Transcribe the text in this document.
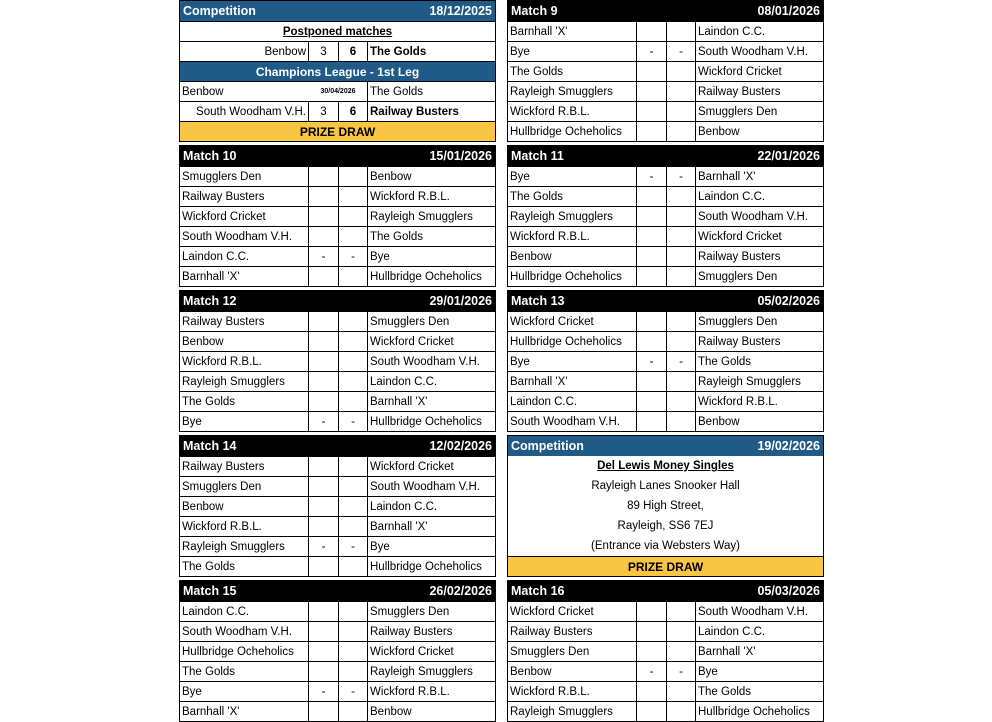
Competition	18/12/2025
Postponed matches
Benbow	3	6	The Golds
Champions League - 1st Leg
Benbow	30/04/2026	The Golds
South Woodham V.H.	3	6	Railway Busters
PRIZE DRAW
Competition	19/02/2026
Del Lewis Money Singles
Rayleigh Lanes Snooker Hall
89 High Street,
Rayleigh, SS6 7EJ
(Entrance via Websters Way)
PRIZE DRAW
Match 9	08/01/2026
Barnhall 'X'	Laindon C.C.
Bye	-	-	South Woodham V.H.
The Golds	Wickford Cricket
Rayleigh Smugglers	Railway Busters
Wickford R.B.L.	Smugglers Den
Hullbridge Ocheholics	Benbow
Match 10	15/01/2026
Smugglers Den	Benbow
Railway Busters	Wickford R.B.L.
Wickford Cricket	Rayleigh Smugglers
South Woodham V.H.	The Golds
Laindon C.C.	-	-	Bye
Barnhall 'X'	Hullbridge Ocheholics
Match 11	22/01/2026
Bye	-	-	Barnhall 'X'
The Golds	Laindon C.C.
Rayleigh Smugglers	South Woodham V.H.
Wickford R.B.L.	Wickford Cricket
Benbow	Railway Busters
Hullbridge Ocheholics	Smugglers Den
Match 12	29/01/2026
Railway Busters	Smugglers Den
Benbow	Wickford Cricket
Wickford R.B.L.	South Woodham V.H.
Rayleigh Smugglers	Laindon C.C.
The Golds	Barnhall 'X'
Bye	-	-	Hullbridge Ocheholics
Match 13	05/02/2026
Wickford Cricket	Smugglers Den
Hullbridge Ocheholics	Railway Busters
Bye	-	-	The Golds
Barnhall 'X'	Rayleigh Smugglers
Laindon C.C.	Wickford R.B.L.
South Woodham V.H.	Benbow
Match 14	12/02/2026
Railway Busters	Wickford Cricket
Smugglers Den	South Woodham V.H.
Benbow	Laindon C.C.
Wickford R.B.L.	Barnhall 'X'
Rayleigh Smugglers	-	-	Bye
The Golds	Hullbridge Ocheholics
Match 15	26/02/2026
Laindon C.C.	Smugglers Den
South Woodham V.H.	Railway Busters
Hullbridge Ocheholics	Wickford Cricket
The Golds	Rayleigh Smugglers
Bye	-	-	Wickford R.B.L.
Barnhall 'X'	Benbow
Match 16	05/03/2026
Wickford Cricket	South Woodham V.H.
Railway Busters	Laindon C.C.
Smugglers Den	Barnhall 'X'
Benbow	-	-	Bye
Wickford R.B.L.	The Golds
Rayleigh Smugglers	Hullbridge Ocheholics
